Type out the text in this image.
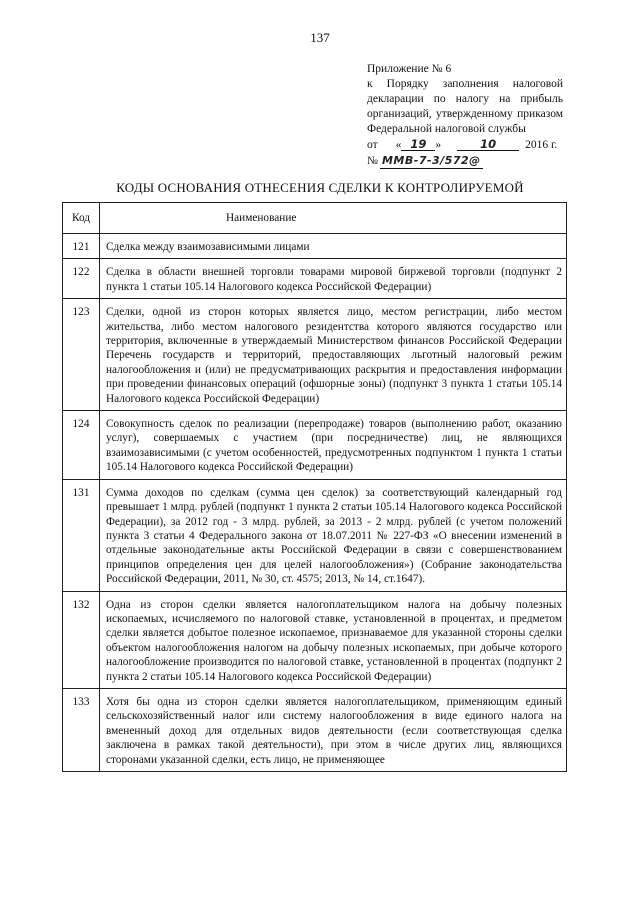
137
Приложение № 6
к Порядку заполнения налоговой
декларации по налогу на прибыль
организаций, утвержденному приказом
Федеральной налоговой службы
от « 19 »	10	2016 г.
№ ММВ-7-3/572@
КОДЫ ОСНОВАНИЯ ОТНЕСЕНИЯ СДЕЛКИ К КОНТРОЛИРУЕМОЙ
Код	Наименование
121	Сделка между взаимозависимыми лицами
122	Сделка в области внешней торговли товарами мировой биржевой торговли (подпункт 2 пункта 1 статьи 105.14 Налогового кодекса Российской Федерации)
123	Сделки, одной из сторон которых является лицо, местом регистрации, либо местом жительства, либо местом налогового резидентства которого являются государство или территория, включенные в утверждаемый Министерством финансов Российской Федерации Перечень государств и территорий, предоставляющих льготный налоговый режим налогообложения и (или) не предусматривающих раскрытия и предоставления информации при проведении финансовых операций (офшорные зоны) (подпункт 3 пункта 1 статьи 105.14 Налогового кодекса Российской Федерации)
124	Совокупность сделок по реализации (перепродаже) товаров (выполнению работ, оказанию услуг), совершаемых с участием (при посредничестве) лиц, не являющихся взаимозависимыми (с учетом особенностей, предусмотренных подпунктом 1 пункта 1 статьи 105.14 Налогового кодекса Российской Федерации)
131	Сумма доходов по сделкам (сумма цен сделок) за соответствующий календарный год превышает 1 млрд. рублей (подпункт 1 пункта 2 статьи 105.14 Налогового кодекса Российской Федерации), за 2012 год - 3 млрд. рублей, за 2013 - 2 млрд. рублей (с учетом положений пункта 3 статьи 4 Федерального закона от 18.07.2011 № 227-ФЗ «О внесении изменений в отдельные законодательные акты Российской Федерации в связи с совершенствованием принципов определения цен для целей налогообложения») (Собрание законодательства Российской Федерации, 2011, № 30, ст. 4575; 2013, № 14, ст.1647).
132	Одна из сторон сделки является налогоплательщиком налога на добычу полезных ископаемых, исчисляемого по налоговой ставке, установленной в процентах, и предметом сделки является добытое полезное ископаемое, признаваемое для указанной стороны сделки объектом налогообложения налогом на добычу полезных ископаемых, при добыче которого налогообложение производится по налоговой ставке, установленной в процентах (подпункт 2 пункта 2 статьи 105.14 Налогового кодекса Российской Федерации)
133	Хотя бы одна из сторон сделки является налогоплательщиком, применяющим единый сельскохозяйственный налог или систему налогообложения в виде единого налога на вмененный доход для отдельных видов деятельности (если соответствующая сделка заключена в рамках такой деятельности), при этом в числе других лиц, являющихся сторонами указанной сделки, есть лицо, не применяющее
